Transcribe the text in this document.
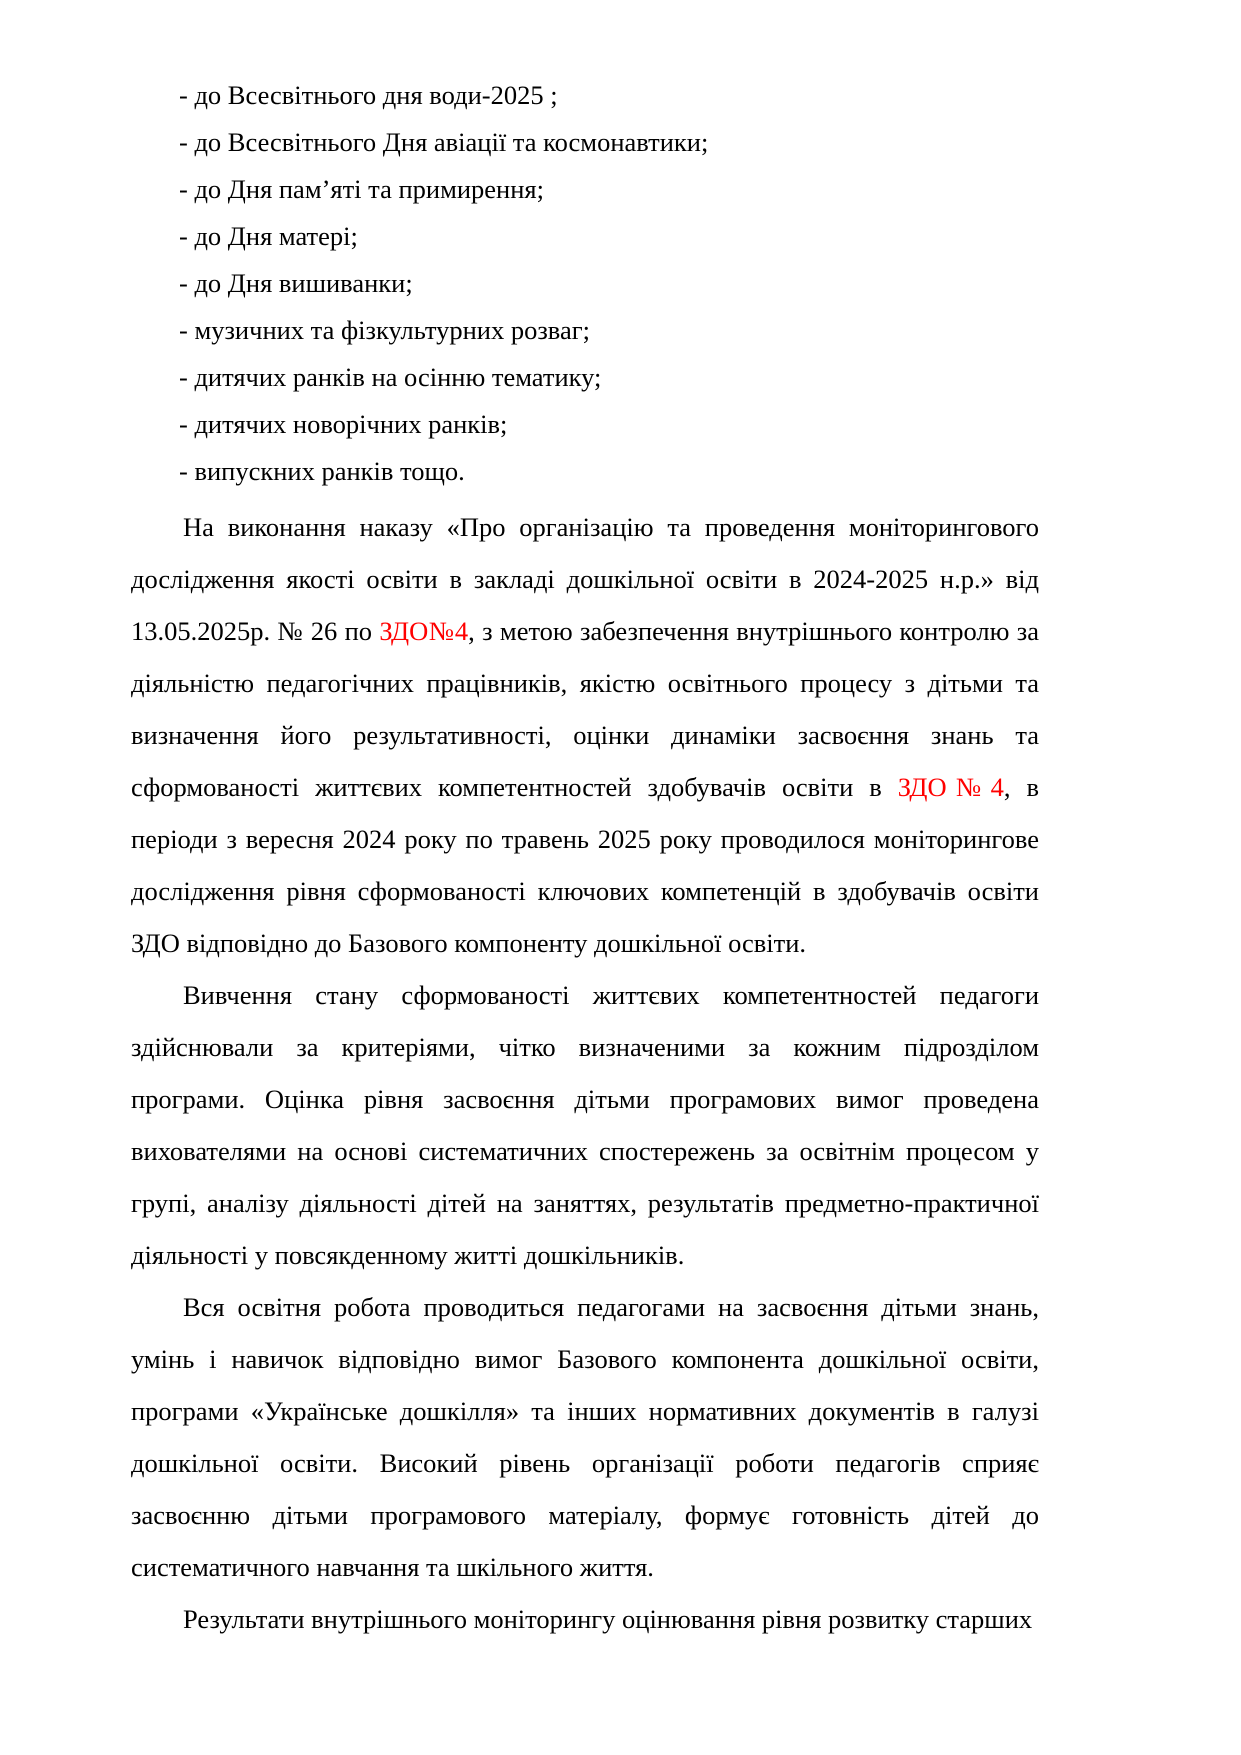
- до Всесвітнього дня води-2025 ;

- до Всесвітнього Дня авіації та космонавтики;

- до Дня пам’яті та примирення;

- до Дня матері;

- до Дня вишиванки;

- музичних та фізкультурних розваг;

- дитячих ранків на осінню тематику;

- дитячих новорічних ранків;

- випускних ранків тощо.

На виконання наказу «Про організацію та проведення моніторингового дослідження якості освіти в закладі дошкільної освіти в 2024-2025 н.р.» від 13.05.2025р. № 26 по ЗДО№4, з метою забезпечення внутрішнього контролю за діяльністю педагогічних працівників, якістю освітнього процесу з дітьми та визначення його результативності, оцінки динаміки засвоєння знань та сформованості життєвих компетентностей здобувачів освіти в ЗДО№4, в періоди з вересня 2024 року по травень 2025 року проводилося моніторингове дослідження рівня сформованості ключових компетенцій в здобувачів освіти ЗДО відповідно до Базового компоненту дошкільної освіти.

Вивчення стану сформованості життєвих компетентностей педагоги здійснювали за критеріями, чітко визначеними за кожним підрозділом програми. Оцінка рівня засвоєння дітьми програмових вимог проведена вихователями на основі систематичних спостережень за освітнім процесом у групі, аналізу діяльності дітей на заняттях, результатів предметно-практичної діяльності у повсякденному житті дошкільників.

Вся освітня робота проводиться педагогами на засвоєння дітьми знань, умінь і навичок відповідно вимог Базового компонента дошкільної освіти, програми «Українське дошкілля» та інших нормативних документів в галузі дошкільної освіти. Високий рівень організації роботи педагогів сприяє засвоєнню дітьми програмового матеріалу, формує готовність дітей до систематичного навчання та шкільного життя.

Результати внутрішнього моніторингу оцінювання рівня розвитку старших
